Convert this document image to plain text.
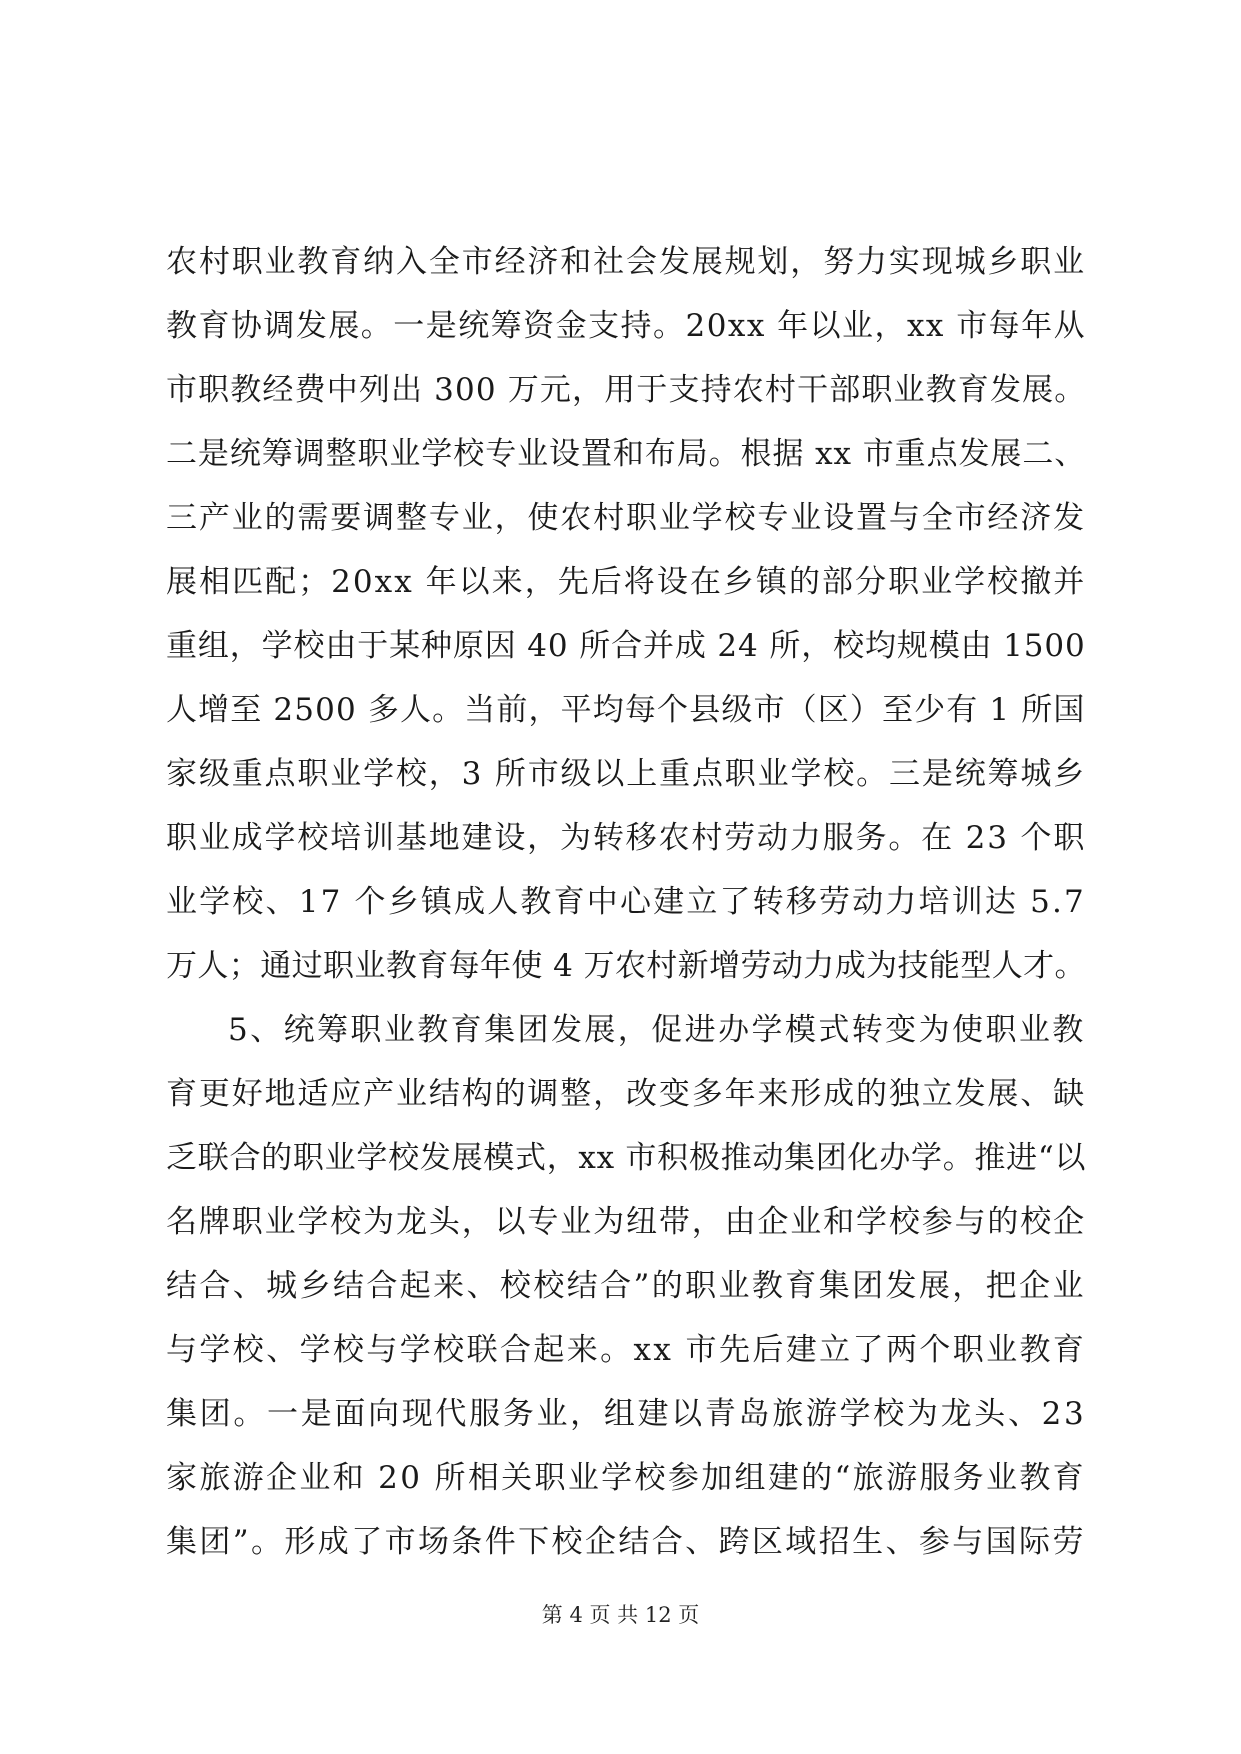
农村职业教育纳入全市经济和社会发展规划，努力实现城乡职业
教育协调发展。一是统筹资金支持。20xx 年以业，xx 市每年从
市职教经费中列出 300 万元，用于支持农村干部职业教育发展。
二是统筹调整职业学校专业设置和布局。根据 xx 市重点发展二、
三产业的需要调整专业，使农村职业学校专业设置与全市经济发
展相匹配；20xx 年以来，先后将设在乡镇的部分职业学校撤并
重组，学校由于某种原因 40 所合并成 24 所，校均规模由 1500
人增至 2500 多人。当前，平均每个县级市（区）至少有 1 所国
家级重点职业学校，3 所市级以上重点职业学校。三是统筹城乡
职业成学校培训基地建设，为转移农村劳动力服务。在 23 个职
业学校、17 个乡镇成人教育中心建立了转移劳动力培训达 5.7
万人；通过职业教育每年使 4 万农村新增劳动力成为技能型人才。
5、统筹职业教育集团发展，促进办学模式转变为使职业教
育更好地适应产业结构的调整，改变多年来形成的独立发展、缺
乏联合的职业学校发展模式，xx 市积极推动集团化办学。推进“以
名牌职业学校为龙头，以专业为纽带，由企业和学校参与的校企
结合、城乡结合起来、校校结合”的职业教育集团发展，把企业
与学校、学校与学校联合起来。xx 市先后建立了两个职业教育
集团。一是面向现代服务业，组建以青岛旅游学校为龙头、23
家旅游企业和 20 所相关职业学校参加组建的“旅游服务业教育
集团”。形成了市场条件下校企结合、跨区域招生、参与国际劳
第 4 页 共 12 页
